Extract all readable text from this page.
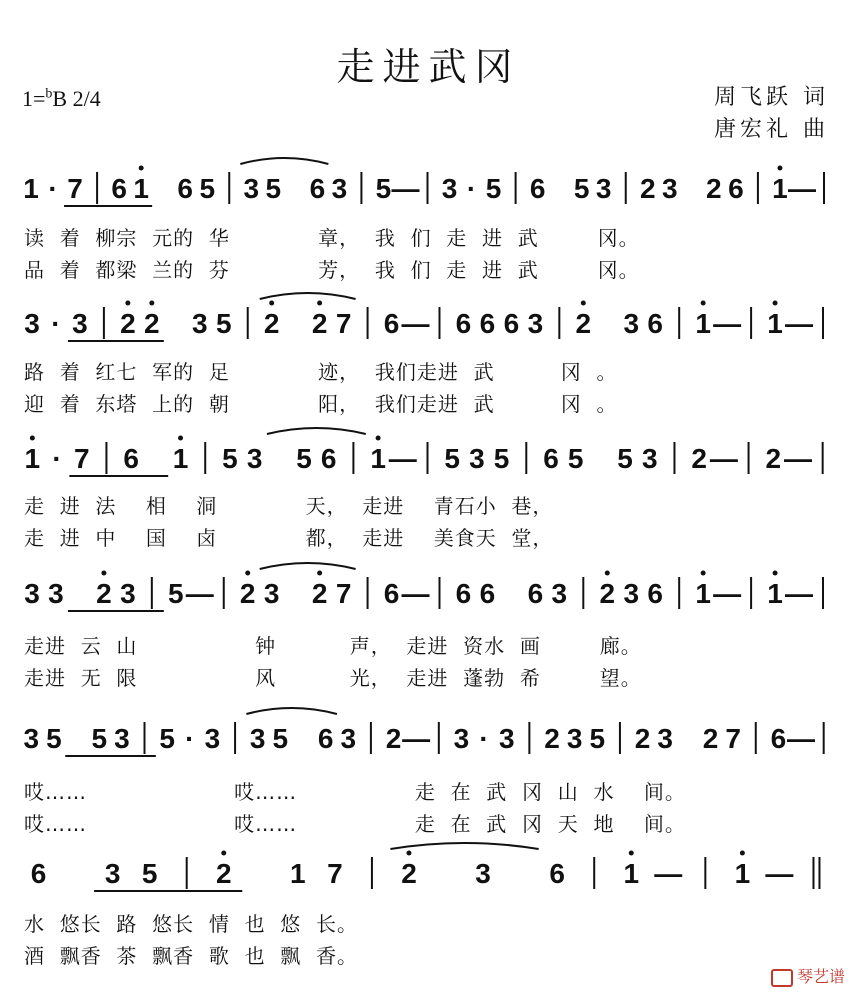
走进武冈
1=$^b$B 2/4	周飞跃 词
唐宏礼 曲
1 · 7 6 1 6 5 3 5 6 3 5 — 3 · 5 6 5 3 2 3 2 6 1 —
读  着  柳宗  元的  华            章，  我  们  走  进  武        冈。
品  着  都梁  兰的  芬            芳，  我  们  走  进  武        冈。
3 · 3 2 2 3 5 2 2 7 6 — 6 6 6 3 2 3 6 1 — 1 —
路  着  红七  军的  足            迹，  我们走进  武         冈  。
迎  着  东塔  上的  朝            阳，  我们走进  武         冈  。
1 · 7 6 1 5 3 5 6 1 — 5 3 5 6 5 5 3 2 — 2 —
走  进  法    相    洞            天，  走进    青石小  巷，
走  进  中    国    卤            都，  走进    美食天  堂，
3 3 2 3 5 — 2 3 2 7 6 — 6 6 6 3 2 3 6 1 — 1 —
走进  云  山                钟          声，  走进  资水  画        廊。
走进  无  限                风          光，  走进  蓬勃  希        望。
3 5 5 3 5 · 3 3 5 6 3 2 — 3 · 3 2 3 5 2 3 2 7 6 —
哎……                    哎……                走  在  武  冈  山  水    间。
哎……                    哎……                走  在  武  冈  天  地    间。
6 3 5 2 1 7 2 3 6 1 — 1 —
水  悠长  路  悠长  情  也  悠  长。
酒  飘香  茶  飘香  歌  也  飘  香。
琴艺谱
